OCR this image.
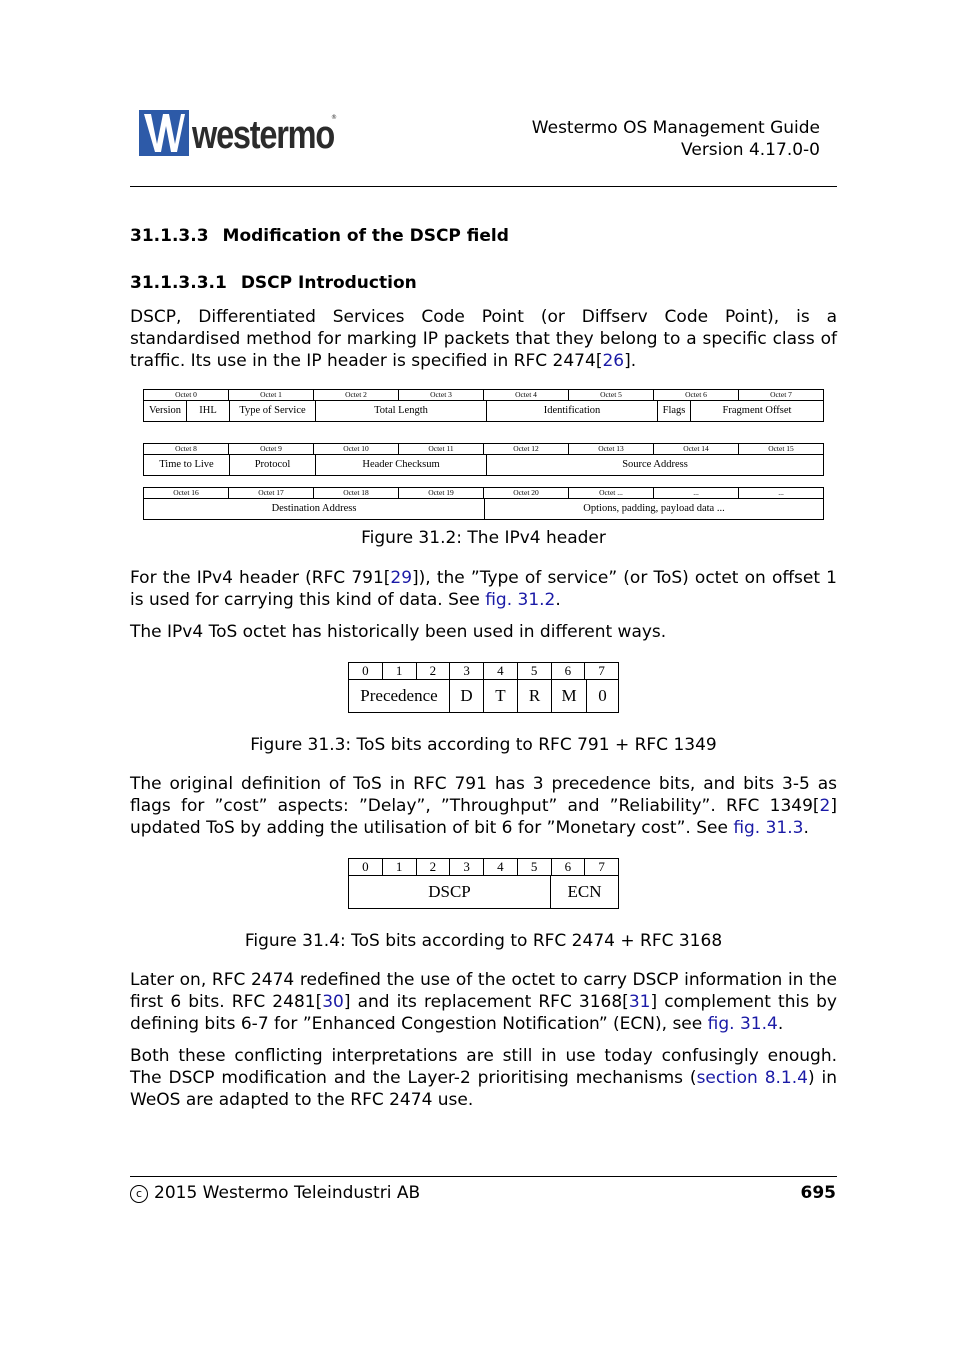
westermo
®
Westermo OS Management Guide
Version 4.17.0-0
31.1.3.3 Modification of the DSCP field
31.1.3.3.1 DSCP Introduction

DSCP, Differentiated Services Code Point (or Diffserv Code Point), is a standardised method for marking IP packets that they belong to a specific class of traffic. Its use in the IP header is specified in RFC 2474[26].

Octet 0	Octet 1	Octet 2	Octet 3	Octet 4	Octet 5	Octet 6	Octet 7
Version	IHL	Type of Service	Total Length	Identification	Flags	Fragment Offset
Octet 8	Octet 9	Octet 10	Octet 11	Octet 12	Octet 13	Octet 14	Octet 15
Time to Live	Protocol	Header Checksum	Source Address
Octet 16	Octet 17	Octet 18	Octet 19	Octet 20	Octet ...	...	...
Destination Address	Options, padding, payload data ...
Figure 31.2: The IPv4 header

For the IPv4 header (RFC 791[29]), the ”Type of service” (or ToS) octet on offset 1 is used for carrying this kind of data. See fig. 31.2.

The IPv4 ToS octet has historically been used in different ways.

0	1	2	3	4	5	6	7
Precedence	D	T	R	M	0
Figure 31.3: ToS bits according to RFC 791 + RFC 1349

The original definition of ToS in RFC 791 has 3 precedence bits, and bits 3-5 as flags for ”cost” aspects: ”Delay”, ”Throughput” and ”Reliability”. RFC 1349[2] updated ToS by adding the utilisation of bit 6 for ”Monetary cost”. See fig. 31.3.

0	1	2	3	4	5	6	7
DSCP	ECN
Figure 31.4: ToS bits according to RFC 2474 + RFC 3168

Later on, RFC 2474 redefined the use of the octet to carry DSCP information in the first 6 bits. RFC 2481[30] and its replacement RFC 3168[31] complement this by defining bits 6-7 for ”Enhanced Congestion Notification” (ECN), see fig. 31.4.

Both these conflicting interpretations are still in use today confusingly enough. The DSCP modification and the Layer-2 prioritising mechanisms (section 8.1.4) in WeOS are adapted to the RFC 2474 use.

c 2015 Westermo Teleindustri AB	695
